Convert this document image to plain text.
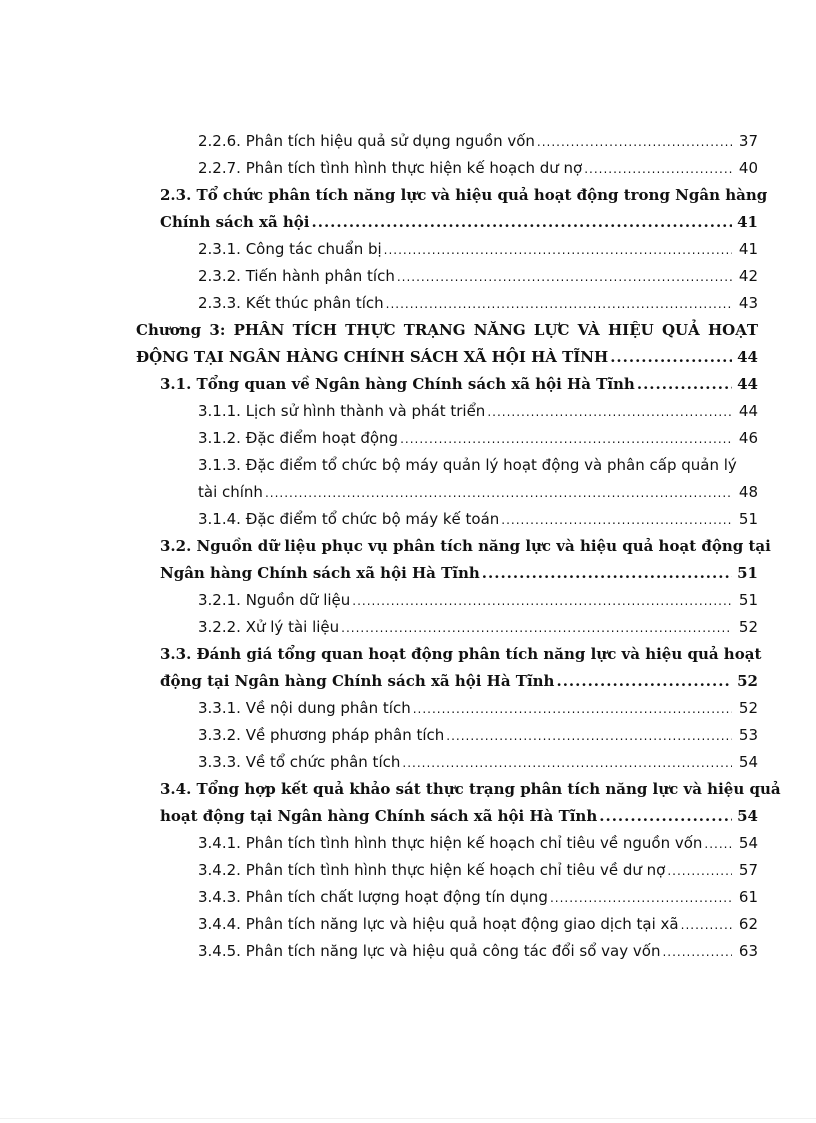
2.2.6. Phân tích hiệu quả sử dụng nguồn vốn .....	37
2.2.7. Phân tích tình hình thực hiện kế hoạch dư nợ .....	40
2.3. Tổ chức phân tích năng lực và hiệu quả hoạt động trong Ngân hàng
Chính sách xã hội .....	41
2.3.1. Công tác chuẩn bị .....	41
2.3.2. Tiến hành phân tích .....	42
2.3.3. Kết thúc phân tích .....	43
Chương 3: PHÂN TÍCH THỰC TRẠNG NĂNG LỰC VÀ HIỆU QUẢ HOẠT
ĐỘNG TẠI NGÂN HÀNG CHÍNH SÁCH XÃ HỘI HÀ TĨNH .....	44
3.1. Tổng quan về Ngân hàng Chính sách xã hội Hà Tĩnh .....	44
3.1.1. Lịch sử hình thành và phát triển .....	44
3.1.2. Đặc điểm hoạt động .....	46
3.1.3. Đặc điểm tổ chức bộ máy quản lý hoạt động và phân cấp quản lý
tài chính .....	48
3.1.4. Đặc điểm tổ chức bộ máy kế toán .....	51
3.2. Nguồn dữ liệu phục vụ phân tích năng lực và hiệu quả hoạt động tại
Ngân hàng Chính sách xã hội Hà Tĩnh .....	51
3.2.1. Nguồn dữ liệu .....	51
3.2.2. Xử lý tài liệu .....	52
3.3. Đánh giá tổng quan hoạt động phân tích năng lực và hiệu quả hoạt
động tại Ngân hàng Chính sách xã hội Hà Tĩnh .....	52
3.3.1. Về nội dung phân tích .....	52
3.3.2. Về phương pháp phân tích .....	53
3.3.3. Về tổ chức phân tích .....	54
3.4. Tổng hợp kết quả khảo sát thực trạng phân tích năng lực và hiệu quả
hoạt động tại Ngân hàng Chính sách xã hội Hà Tĩnh .....	54
3.4.1. Phân tích tình hình thực hiện kế hoạch chỉ tiêu về nguồn vốn ..... 54
3.4.2. Phân tích tình hình thực hiện kế hoạch chỉ tiêu về dư nợ .....	57
3.4.3. Phân tích chất lượng hoạt động tín dụng .....	61
3.4.4. Phân tích năng lực và hiệu quả hoạt động giao dịch tại xã .....	62
3.4.5. Phân tích năng lực và hiệu quả công tác đổi sổ vay vốn .....	63
